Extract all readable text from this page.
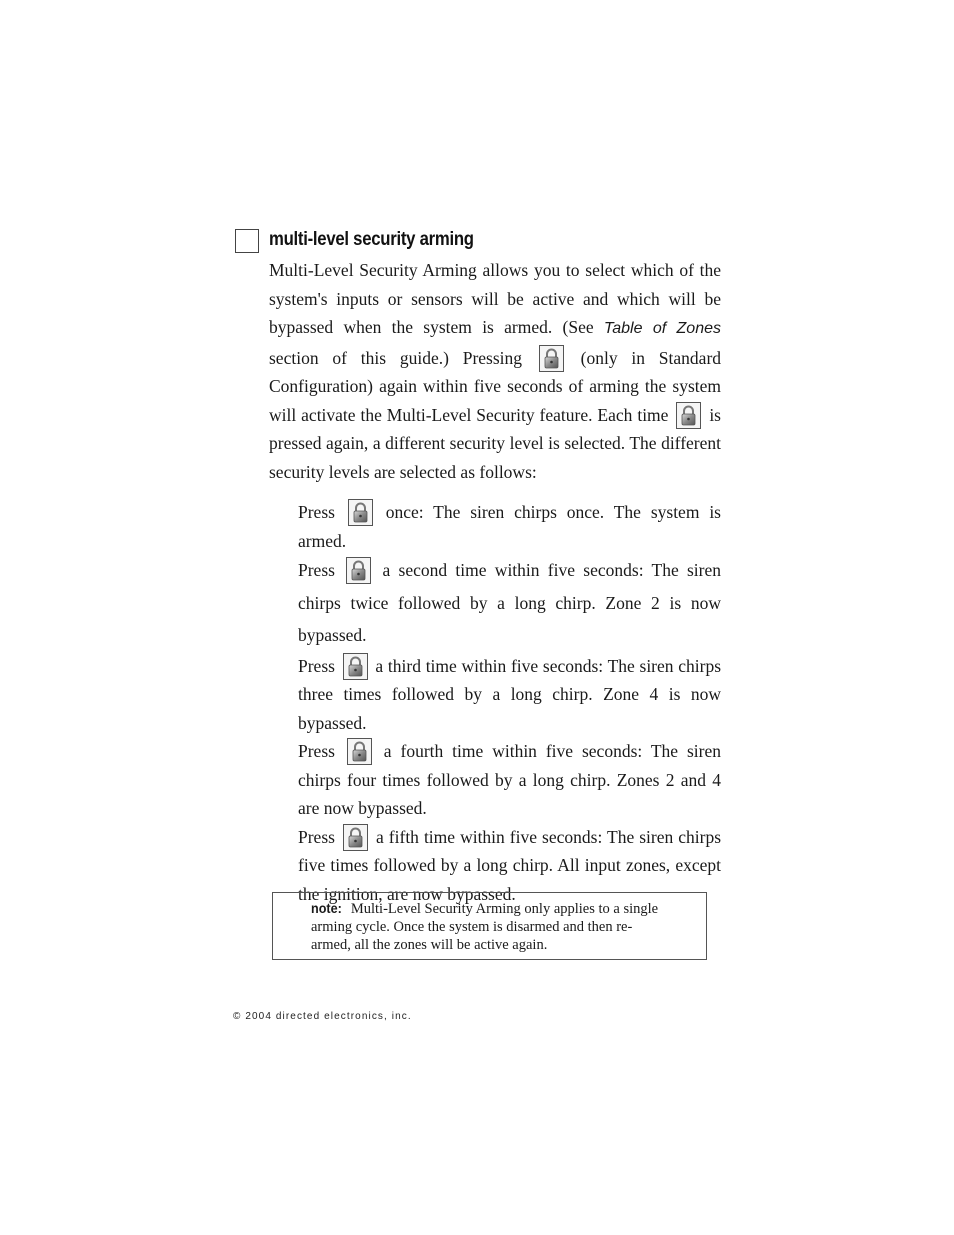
multi-level security arming
Multi-Level Security Arming allows you to select which of the system's inputs or sensors will be active and which will be bypassed when the system is armed. (See Table of Zones section of this guide.) Pressing	(only in Standard Configuration) again within five seconds of arming the system will activate the Multi-Level Security feature. Each time is pressed again, a different security level is selected. The different security levels are selected as follows:

Press	once: The siren chirps once. The system is armed.

Press	a second time within five seconds: The siren chirps twice followed by a long chirp. Zone 2 is now bypassed.

Press a third time within five seconds: The siren chirps three times followed by a long chirp. Zone 4 is now bypassed.

Press	a fourth time within five seconds: The siren chirps four times followed by a long chirp. Zones 2 and 4 are now bypassed.

Press a fifth time within five seconds: The siren chirps five times followed by a long chirp. All input zones, except the ignition, are now bypassed.

note: Multi-Level Security Arming only applies to a single arming cycle. Once the system is disarmed and then re-armed, all the zones will be active again.
© 2004 directed electronics, inc.
